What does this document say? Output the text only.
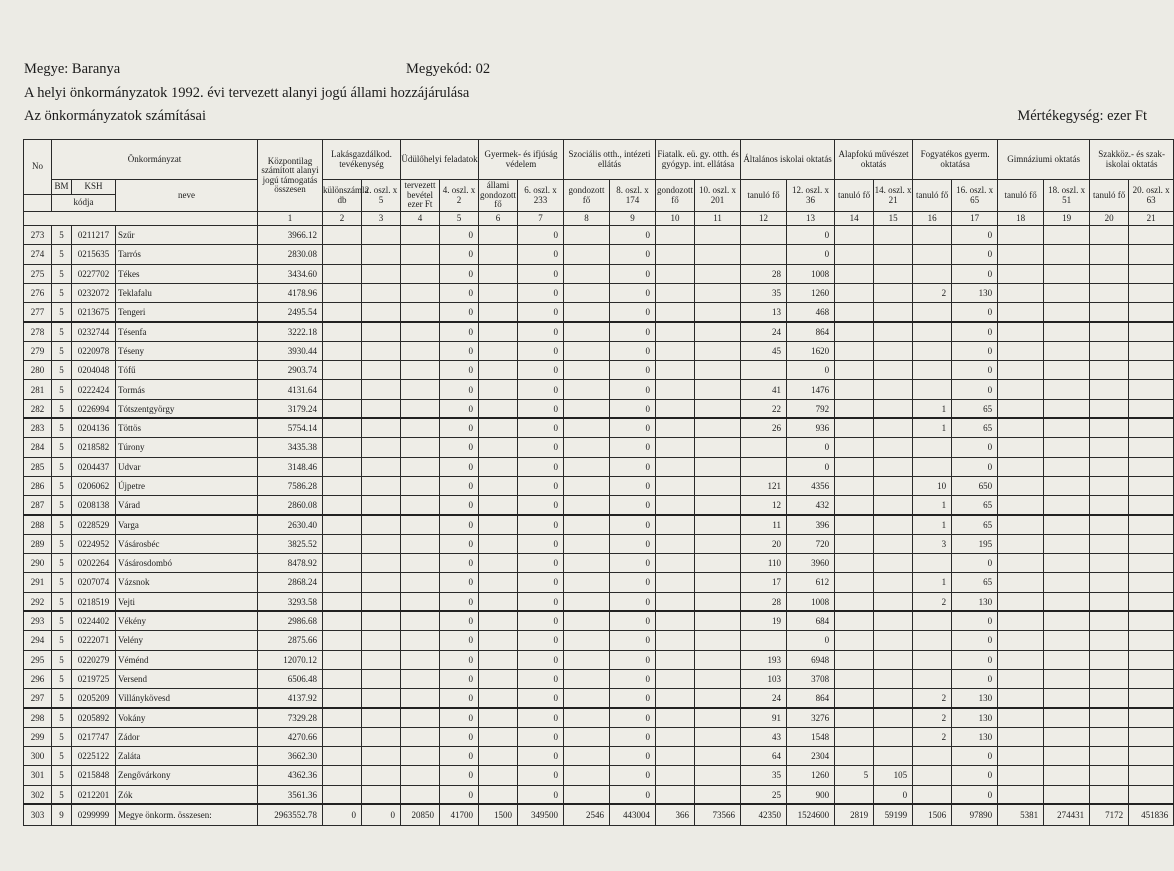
Megye: Baranya	Megyekód: 02
A helyi önkormányzatok 1992. évi tervezett alanyi jogú állami hozzájárulása
Az önkormányzatok számításai	Mértékegység: ezer Ft
No	Önkormányzat			Központilag számított alanyi jogú támogatás összesen	Lakásgazdálkod. tevékenység		Üdülőhelyi feladatok		Gyermek- és ifjúság védelem		Szociális otth., intézeti ellátás		Fiatalk. eü. gy. otth. és gyógyp. int. ellátása		Általános iskolai oktatás		Alapfokú művészet oktatás		Fogyatékos gyerm. oktatása		Gimnáziumi oktatás		Szakköz.- és szak-iskolai oktatás	
	BM	KSH	neve		különszámla db	2. oszl. x 5	tervezett bevétel ezer Ft	4. oszl. x 2	állami gondozott fő	6. oszl. x 233	gondozott fő	8. oszl. x 174	gondozott fő	10. oszl. x 201	tanuló fő	12. oszl. x 36	tanuló fő	14. oszl. x 21	tanuló fő	16. oszl. x 65	tanuló fő	18. oszl. x 51	tanuló fő	20. oszl. x 63
	kódja																							
				1	2	3	4	5	6	7	8	9	10	11	12	13	14	15	16	17	18	19	20	21
273	5	0211217	Szűr	3966.12				0		0		0				0				0				
274	5	0215635	Tarrós	2830.08				0		0		0				0				0				
275	5	0227702	Tékes	3434.60				0		0		0			28	1008				0				
276	5	0232072	Teklafalu	4178.96				0		0		0			35	1260			2	130				
277	5	0213675	Tengeri	2495.54				0		0		0			13	468				0				
278	5	0232744	Tésenfa	3222.18				0		0		0			24	864				0				
279	5	0220978	Téseny	3930.44				0		0		0			45	1620				0				
280	5	0204048	Tófű	2903.74				0		0		0				0				0				
281	5	0222424	Tormás	4131.64				0		0		0			41	1476				0				
282	5	0226994	Tótszentgyörgy	3179.24				0		0		0			22	792			1	65				
283	5	0204136	Töttös	5754.14				0		0		0			26	936			1	65				
284	5	0218582	Túrony	3435.38				0		0		0				0				0				
285	5	0204437	Udvar	3148.46				0		0		0				0				0				
286	5	0206062	Újpetre	7586.28				0		0		0			121	4356			10	650				
287	5	0208138	Várad	2860.08				0		0		0			12	432			1	65				
288	5	0228529	Varga	2630.40				0		0		0			11	396			1	65				
289	5	0224952	Vásárosbéc	3825.52				0		0		0			20	720			3	195				
290	5	0202264	Vásárosdombó	8478.92				0		0		0			110	3960				0				
291	5	0207074	Vázsnok	2868.24				0		0		0			17	612			1	65				
292	5	0218519	Vejti	3293.58				0		0		0			28	1008			2	130				
293	5	0224402	Vékény	2986.68				0		0		0			19	684				0				
294	5	0222071	Velény	2875.66				0		0		0				0				0				
295	5	0220279	Véménd	12070.12				0		0		0			193	6948				0				
296	5	0219725	Versend	6506.48				0		0		0			103	3708				0				
297	5	0205209	Villánykövesd	4137.92				0		0		0			24	864			2	130				
298	5	0205892	Vokány	7329.28				0		0		0			91	3276			2	130				
299	5	0217747	Zádor	4270.66				0		0		0			43	1548			2	130				
300	5	0225122	Zaláta	3662.30				0		0		0			64	2304				0				
301	5	0215848	Zengővárkony	4362.36				0		0		0			35	1260	5	105		0				
302	5	0212201	Zók	3561.36				0		0		0			25	900		0		0				
303	9	0299999	Megye önkorm. összesen:	2963552.78	0	0	20850	41700	1500	349500	2546	443004	366	73566	42350	1524600	2819	59199	1506	97890	5381	274431	7172	451836
